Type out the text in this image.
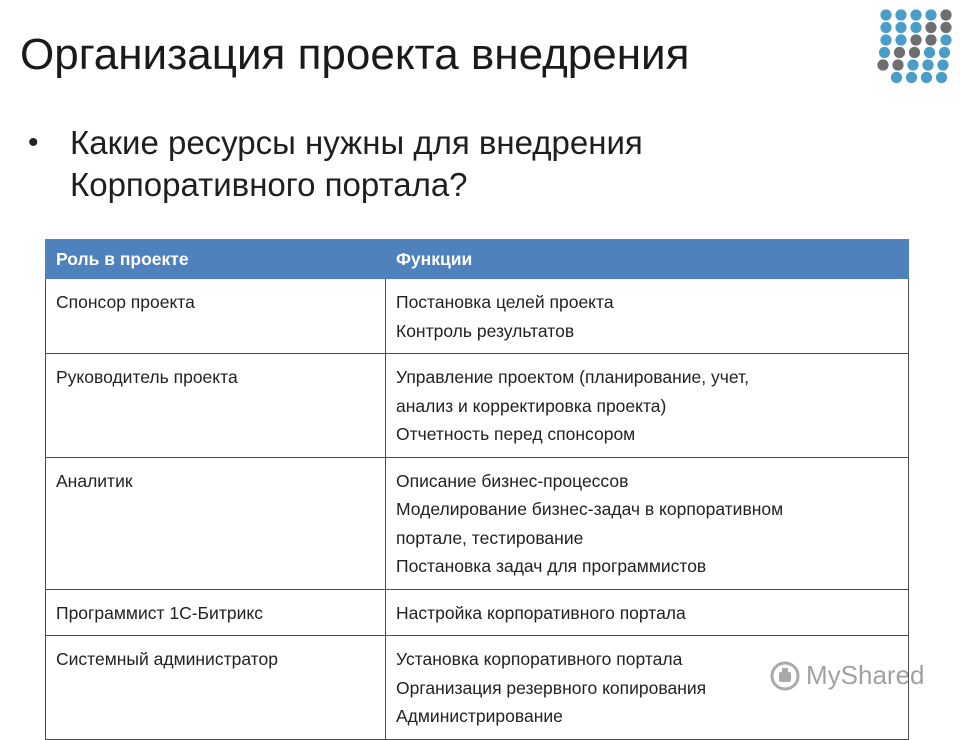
Организация проекта внедрения
• Какие ресурсы нужны для внедрения
Корпоративного портала?
Роль в проекте	Функции
Спонсор проекта	Постановка целей проекта
Контроль результатов

Руководитель проекта	Управление проектом (планирование, учет,
анализ и корректировка проекта)
Отчетность перед спонсором

Аналитик	Описание бизнес-процессов
Моделирование бизнес-задач в корпоративном
портале, тестирование
Постановка задач для программистов

Программист 1С-Битрикс	Настройка корпоративного портала

Системный администратор	Установка корпоративного портала
Организация резервного копирования
Администрирование
MyShared
